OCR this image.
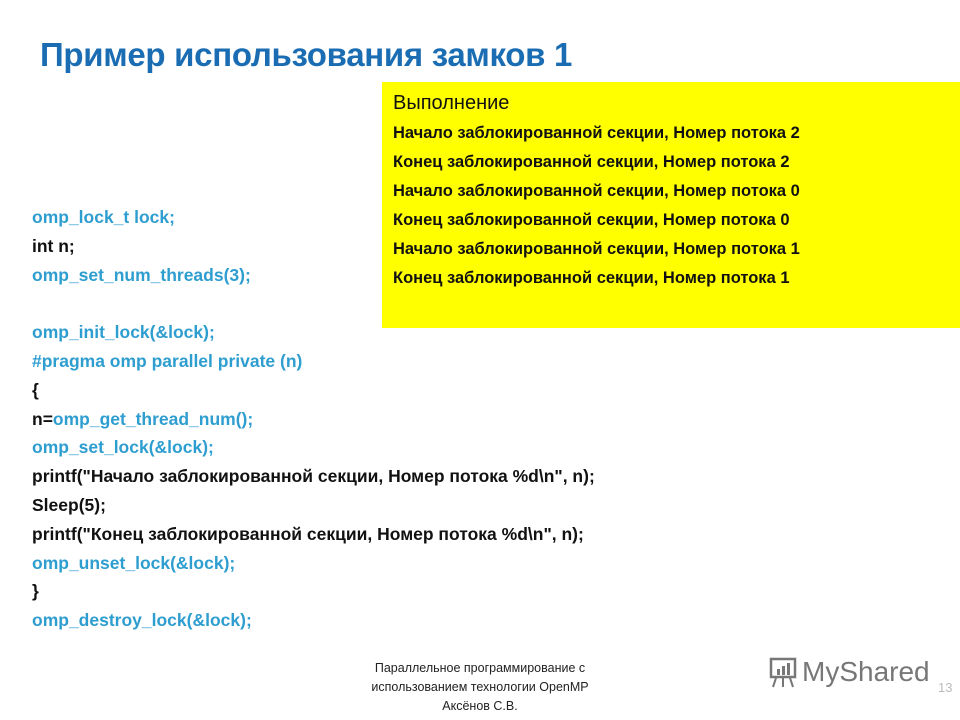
Пример использования замков 1
Выполнение
Начало заблокированной секции, Номер потока 2
Конец заблокированной секции, Номер потока 2
Начало заблокированной секции, Номер потока 0
Конец заблокированной секции, Номер потока 0
Начало заблокированной секции, Номер потока 1
Конец заблокированной секции, Номер потока 1
omp_lock_t lock;
int n;
omp_set_num_threads(3);

omp_init_lock(&lock);
#pragma omp parallel private (n)
{
n=omp_get_thread_num();
omp_set_lock(&lock);
printf("Начало заблокированной секции, Номер потока %d\n", n);
Sleep(5);
printf("Конец заблокированной секции, Номер потока %d\n", n);
omp_unset_lock(&lock);
}
omp_destroy_lock(&lock);
Параллельное программирование с
использованием технологии OpenMP
Аксёнов С.В.
MyShared
13
